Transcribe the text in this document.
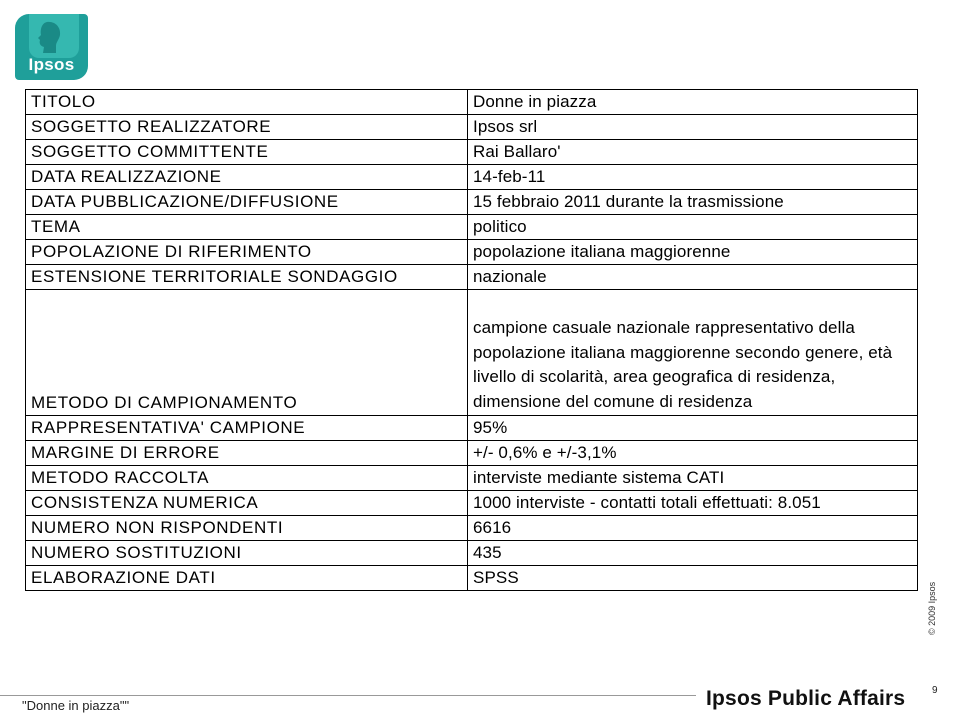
Ipsos
TITOLO	Donne in piazza
SOGGETTO REALIZZATORE	Ipsos srl
SOGGETTO COMMITTENTE	Rai Ballaro'
DATA REALIZZAZIONE	14-feb-11
DATA PUBBLICAZIONE/DIFFUSIONE	15 febbraio 2011 durante la trasmissione
TEMA	politico
POPOLAZIONE DI RIFERIMENTO	popolazione italiana maggiorenne
ESTENSIONE TERRITORIALE SONDAGGIO	nazionale
METODO DI CAMPIONAMENTO	campione casuale nazionale rappresentativo della popolazione italiana maggiorenne secondo genere, età livello di scolarità, area geografica di residenza, dimensione del comune di residenza
RAPPRESENTATIVA' CAMPIONE	95%
MARGINE DI ERRORE	+/- 0,6% e +/-3,1%
METODO RACCOLTA	interviste mediante sistema CATI
CONSISTENZA NUMERICA	1000 interviste - contatti totali effettuati: 8.051
NUMERO NON RISPONDENTI	6616
NUMERO SOSTITUZIONI	435
ELABORAZIONE DATI	SPSS
© 2009 Ipsos
"Donne in piazza""
9
Ipsos Public Affairs
